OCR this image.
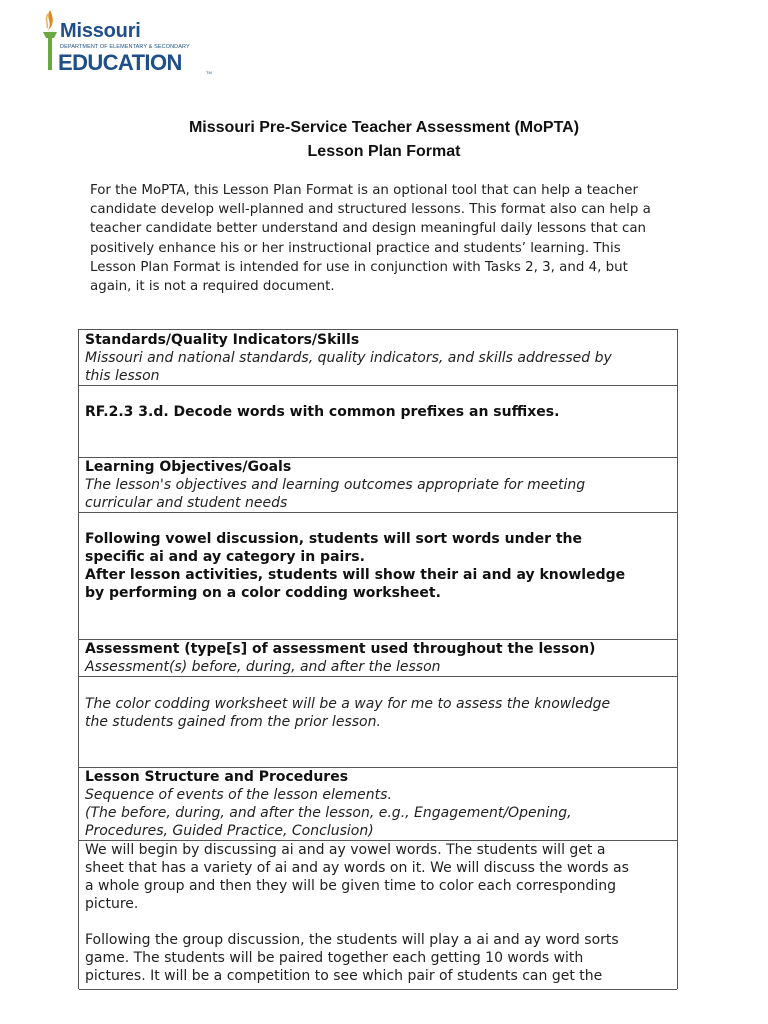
Missouri
DEPARTMENT OF ELEMENTARY & SECONDARY
EDUCATION	TM
Missouri Pre-Service Teacher Assessment (MoPTA)
Lesson Plan Format
For the MoPTA, this Lesson Plan Format is an optional tool that can help a teacher
candidate develop well-planned and structured lessons. This format also can help a
teacher candidate better understand and design meaningful daily lessons that can
positively enhance his or her instructional practice and students’ learning. This
Lesson Plan Format is intended for use in conjunction with Tasks 2, 3, and 4, but
again, it is not a required document.
Standards/Quality Indicators/Skills
Missouri and national standards, quality indicators, and skills addressed by
this lesson
RF.2.3 3.d. Decode words with common prefixes an suffixes.
Learning Objectives/Goals
The lesson's objectives and learning outcomes appropriate for meeting
curricular and student needs
Following vowel discussion, students will sort words under the
specific ai and ay category in pairs.
After lesson activities, students will show their ai and ay knowledge
by performing on a color codding worksheet.
Assessment (type[s] of assessment used throughout the lesson)
Assessment(s) before, during, and after the lesson
The color codding worksheet will be a way for me to assess the knowledge
the students gained from the prior lesson.
Lesson Structure and Procedures
Sequence of events of the lesson elements.
(The before, during, and after the lesson, e.g., Engagement/Opening,
Procedures, Guided Practice, Conclusion)
We will begin by discussing ai and ay vowel words. The students will get a
sheet that has a variety of ai and ay words on it. We will discuss the words as
a whole group and then they will be given time to color each corresponding
picture.
Following the group discussion, the students will play a ai and ay word sorts
game. The students will be paired together each getting 10 words with
pictures. It will be a competition to see which pair of students can get the
